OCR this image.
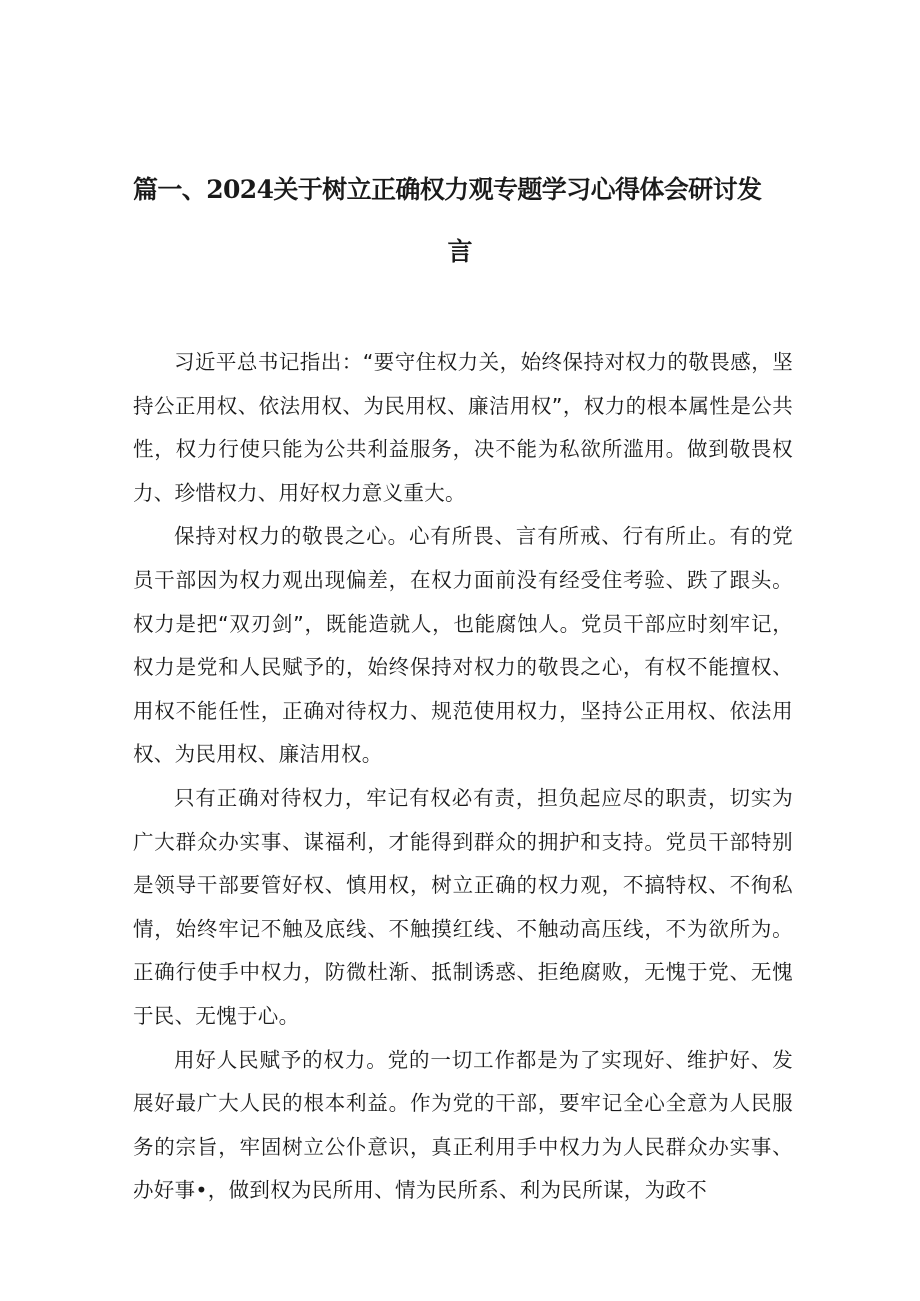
篇一、2024关于树立正确权力观专题学习心得体会研讨发
言

习近平总书记指出：“要守住权力关，始终保持对权力的敬畏感，坚持公正用权、依法用权、为民用权、廉洁用权”，权力的根本属性是公共性，权力行使只能为公共利益服务，决不能为私欲所滥用。做到敬畏权力、珍惜权力、用好权力意义重大。

保持对权力的敬畏之心。心有所畏、言有所戒、行有所止。有的党员干部因为权力观出现偏差，在权力面前没有经受住考验、跌了跟头。权力是把“双刃剑”，既能造就人，也能腐蚀人。党员干部应时刻牢记，权力是党和人民赋予的，始终保持对权力的敬畏之心，有权不能擅权、用权不能任性，正确对待权力、规范使用权力，坚持公正用权、依法用权、为民用权、廉洁用权。

只有正确对待权力，牢记有权必有责，担负起应尽的职责，切实为广大群众办实事、谋福利，才能得到群众的拥护和支持。党员干部特别是领导干部要管好权、慎用权，树立正确的权力观，不搞特权、不徇私情，始终牢记不触及底线、不触摸红线、不触动高压线，不为欲所为。正确行使手中权力，防微杜渐、抵制诱惑、拒绝腐败，无愧于党、无愧于民、无愧于心。

用好人民赋予的权力。党的一切工作都是为了实现好、维护好、发展好最广大人民的根本利益。作为党的干部，要牢记全心全意为人民服务的宗旨，牢固树立公仆意识，真正利用手中权力为人民群众办实事、办好事•，做到权为民所用、情为民所系、利为民所谋，为政不
